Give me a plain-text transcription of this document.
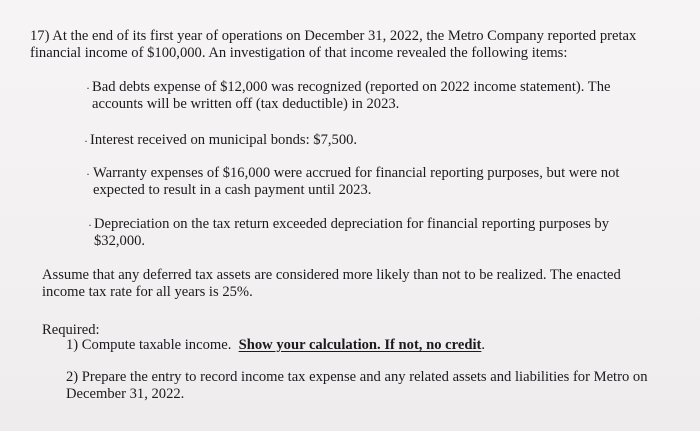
17) At the end of its first year of operations on December 31, 2022, the Metro Company reported pretax
financial income of $100,000. An investigation of that income revealed the following items:
· Bad debts expense of $12,000 was recognized (reported on 2022 income statement). The
accounts will be written off (tax deductible) in 2023.
· Interest received on municipal bonds: $7,500.
· Warranty expenses of $16,000 were accrued for financial reporting purposes, but were not
expected to result in a cash payment until 2023.
· Depreciation on the tax return exceeded depreciation for financial reporting purposes by
$32,000.
Assume that any deferred tax assets are considered more likely than not to be realized. The enacted
income tax rate for all years is 25%.
Required:
1) Compute taxable income. Show your calculation. If not, no credit.
2) Prepare the entry to record income tax expense and any related assets and liabilities for Metro on
December 31, 2022.
